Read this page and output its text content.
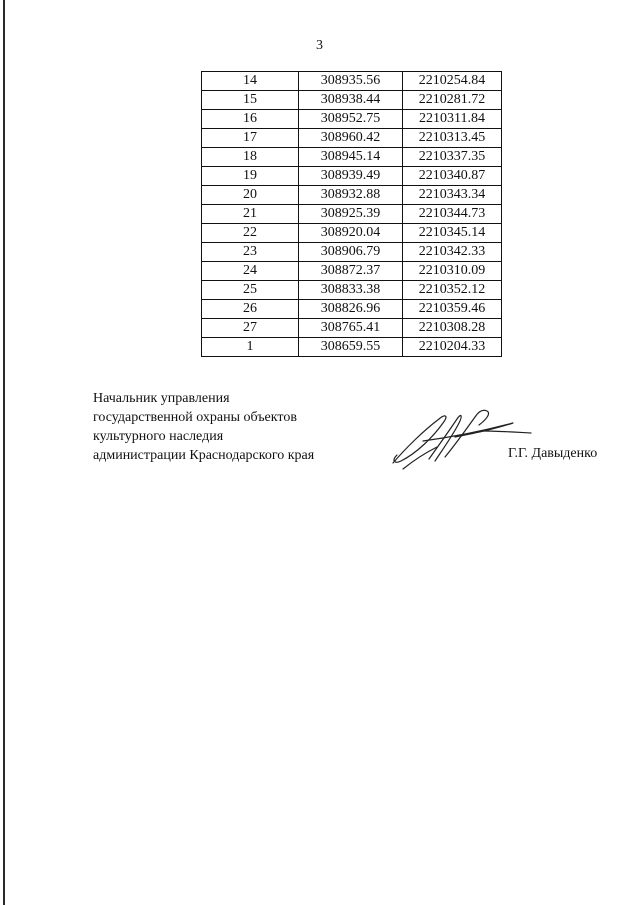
3
14	308935.56	2210254.84
15	308938.44	2210281.72
16	308952.75	2210311.84
17	308960.42	2210313.45
18	308945.14	2210337.35
19	308939.49	2210340.87
20	308932.88	2210343.34
21	308925.39	2210344.73
22	308920.04	2210345.14
23	308906.79	2210342.33
24	308872.37	2210310.09
25	308833.38	2210352.12
26	308826.96	2210359.46
27	308765.41	2210308.28
1	308659.55	2210204.33
Начальник управления
государственной охраны объектов
культурного наследия
администрации Краснодарского края	Г.Г. Давыденко
